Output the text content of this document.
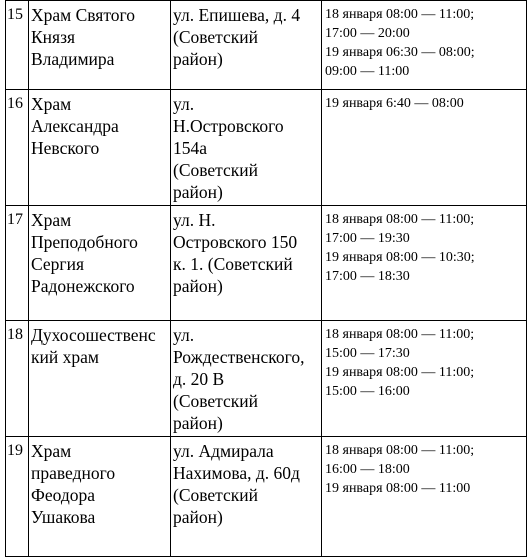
15	Храм Святого
Князя
Владимира	ул. Епишева, д. 4
(Советский
район)	18 января 08:00 — 11:00;
17:00 — 20:00
19 января 06:30 — 08:00;
09:00 — 11:00

16	Храм
Александра
Невского	ул.
Н.Островского
154а
(Советский
район)	19 января 6:40 — 08:00

17	Храм
Преподобного
Сергия
Радонежского	ул. Н.
Островского 150
к. 1. (Советский
район)	18 января 08:00 — 11:00;
17:00 — 19:30
19 января 08:00 — 10:30;
17:00 — 18:30

18	Духосошественс
кий храм	ул.
Рождественского,
д. 20 В
(Советский
район)	18 января 08:00 — 11:00;
15:00 — 17:30
19 января 08:00 — 11:00;
15:00 — 16:00

19	Храм
праведного
Феодора
Ушакова	ул. Адмирала
Нахимова, д. 60д
(Советский
район)	18 января 08:00 — 11:00;
16:00 — 18:00
19 января 08:00 — 11:00
